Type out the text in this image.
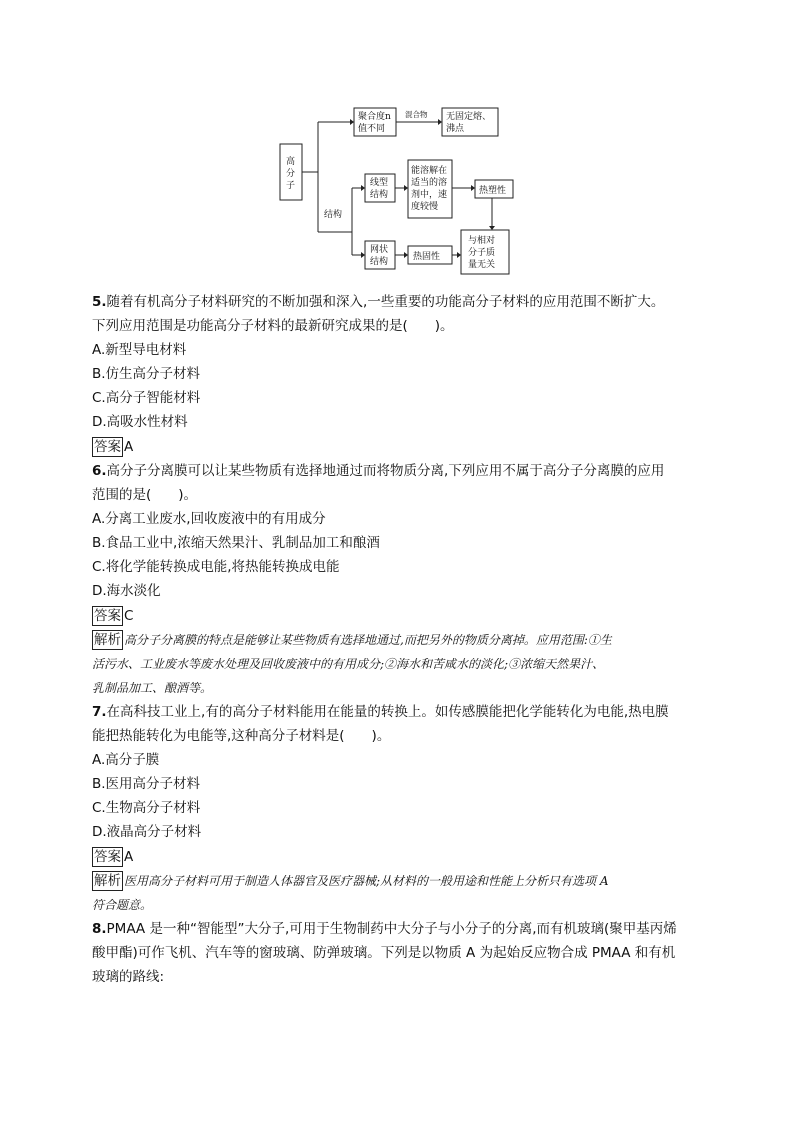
高
分
子
聚合度n
值不同
混合物 无固定熔、
沸点
结构
线型
结构
能溶解在
适当的溶
剂中，速
度较慢
热塑性
网状
结构	热固性
与相对
分子质
量无关
5.随着有机高分子材料研究的不断加强和深入,一些重要的功能高分子材料的应用范围不断扩大。
下列应用范围是功能高分子材料的最新研究成果的是(　　)。
A.新型导电材料
B.仿生高分子材料
C.高分子智能材料
D.高吸水性材料
答案 A
6.高分子分离膜可以让某些物质有选择地通过而将物质分离,下列应用不属于高分子分离膜的应用
范围的是(　　)。
A.分离工业废水,回收废液中的有用成分
B.食品工业中,浓缩天然果汁、乳制品加工和酿酒
C.将化学能转换成电能,将热能转换成电能
D.海水淡化
答案 C
解析 高分子分离膜的特点是能够让某些物质有选择地通过,而把另外的物质分离掉。应用范围:①生
活污水、工业废水等废水处理及回收废液中的有用成分;②海水和苦咸水的淡化;③浓缩天然果汁、
乳制品加工、酿酒等。
7.在高科技工业上,有的高分子材料能用在能量的转换上。如传感膜能把化学能转化为电能,热电膜
能把热能转化为电能等,这种高分子材料是(　　)。
A.高分子膜
B.医用高分子材料
C.生物高分子材料
D.液晶高分子材料
答案 A
解析 医用高分子材料可用于制造人体器官及医疗器械;从材料的一般用途和性能上分析只有选项 A
符合题意。
8.PMAA 是一种“智能型”大分子,可用于生物制药中大分子与小分子的分离,而有机玻璃(聚甲基丙烯
酸甲酯)可作飞机、汽车等的窗玻璃、防弹玻璃。下列是以物质 A 为起始反应物合成 PMAA 和有机
玻璃的路线:
